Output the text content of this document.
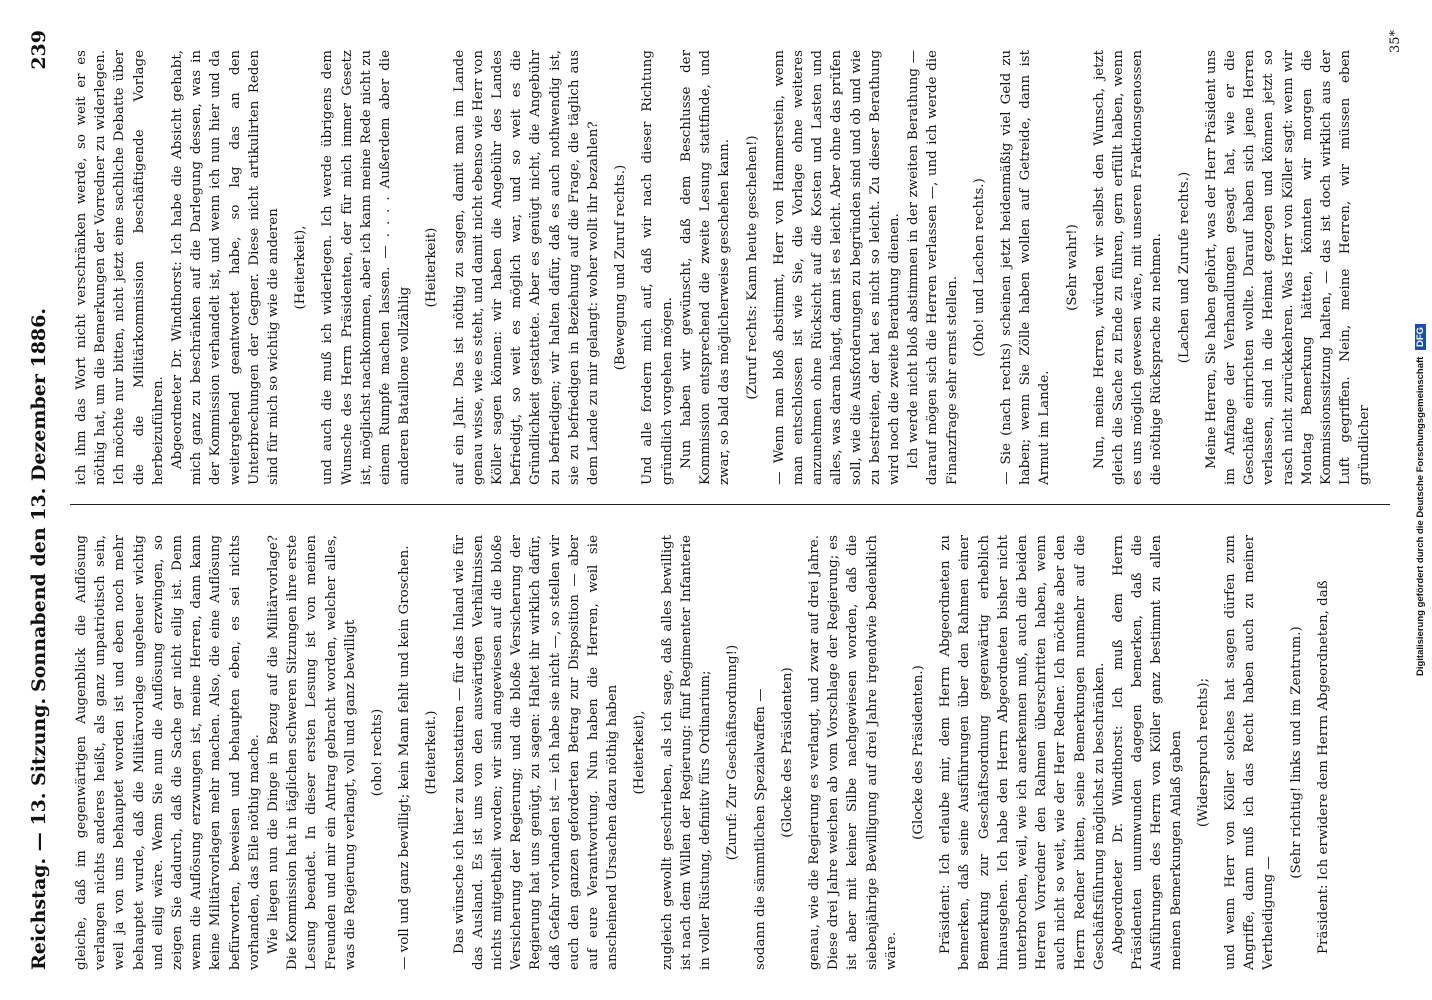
Reichstag. — 13. Sitzung.
Sonnabend den 13. Dezember 1886.
239

gleiche, daß im gegenwärtigen Augenblick die Auflösung verlangen nichts anderes heißt, als ganz unpatriotisch sein, weil ja von uns behauptet worden ist und eben noch mehr behauptet wurde, daß die Militärvorlage ungeheuer wichtig und eilig wäre. Wenn Sie nun die Auflösung erzwingen, so zeigen Sie dadurch, daß die Sache gar nicht eilig ist. Denn wenn die Auflösung erzwungen ist, meine Herren, dann kann keine Militärvorlagen mehr machen. Also, die eine Auflösung befürworten, beweisen und behaupten eben, es sei nichts vorhanden, das Eile nöthig mache. Wie liegen nun die Dinge in Bezug auf die Militärvorlage? Die Kommission hat in täglichen schweren Sitzungen ihre erste Lesung beendet. In dieser ersten Lesung ist von meinen Freunden und mir ein Antrag gebracht worden, welcher alles, was die Regierung verlangt, voll und ganz bewilligt (oho! rechts) — voll und ganz bewilligt; kein Mann fehlt und kein Groschen. (Heiterkeit.) Das wünsche ich hier zu konstatiren — für das Inland wie für das Ausland. Es ist uns von den auswärtigen Verhältnissen nichts mitgetheilt worden; wir sind angewiesen auf die bloße Versicherung der Regierung; und die bloße Versicherung der Regierung hat uns genügt, zu sagen: Haltet ihr wirklich dafür, daß Gefahr vorhanden ist — ich habe sie nicht —, so stellen wir euch den ganzen geforderten Betrag zur Disposition — aber auf eure Verantwortung. Nun haben die Herren, weil sie anscheinend Ursachen dazu nöthig haben (Heiterkeit), zugleich gewollt geschrieben, als ich sage, daß alles bewilligt ist nach dem Willen der Regierung: fünf Regimenter Infanterie in voller Rüstung, definitiv fürs Ordinarium; (Zuruf: Zur Geschäftsordnung!) sodann die sämmtlichen Spezialwaffen — (Glocke des Präsidenten) genau, wie die Regierung es verlangt, und zwar auf drei Jahre. Diese drei Jahre weichen ab vom Vorschlage der Regierung; es ist aber mit keiner Silbe nachgewiesen worden, daß die siebenjährige Bewilligung auf drei Jahre irgendwie bedenklich wäre.

(Glocke des Präsidenten.) Präsident: Ich erlaube mir, dem Herrn Abgeordneten zu bemerken, daß seine Ausführungen über den Rahmen einer Bemerkung zur Geschäftsordnung gegenwärtig erheblich hinausgehen. Ich habe den Herrn Abgeordneten bisher nicht unterbrochen, weil, wie ich anerkennen muß, auch die beiden Herren Vorredner den Rahmen überschritten haben, wenn auch nicht so weit, wie der Herr Redner. Ich möchte aber den Herrn Redner bitten, seine Bemerkungen nunmehr auf die Geschäftsführung möglichst zu beschränken. Abgeordneter Dr. Windthorst: Ich muß dem Herrn Präsidenten unumwunden dagegen bemerken, daß die Ausführungen des Herrn von Köller ganz bestimmt zu allen meinen Bemerkungen Anlaß gaben (Widerspruch rechts); und wenn Herr von Köller solches hat sagen dürfen zum Angriffe, dann muß ich das Recht haben auch zu meiner Vertheidigung —

(Sehr richtig! links und im Zentrum.) Präsident: Ich erwidere dem Herrn Abgeordneten, daß

ich ihm das Wort nicht verschränken werde, so weit er es nöthig hat, um die Bemerkungen der Vorredner zu widerlegen. Ich möchte nur bitten, nicht jetzt eine sachliche Debatte über die die Militärkommission beschäftigende Vorlage herbeizuführen. Abgeordneter Dr. Windthorst: Ich habe die Absicht gehabt, mich ganz zu beschränken auf die Darlegung dessen, was in der Kommission verhandelt ist, und wenn ich nun hier und da weitergehend geantwortet habe, so lag das an den Unterbrechungen der Gegner. Diese nicht artikulirten Reden sind für mich so wichtig wie die anderen (Heiterkeit), und auch die muß ich widerlegen. Ich werde übrigens dem Wunsche des Herrn Präsidenten, der für mich immer Gesetz ist, möglichst nachkommen, aber ich kann meine Rede nicht zu einem Rumpfe machen lassen. — . . . . Außerdem aber die anderen Bataillone vollzählig

(Heiterkeit) auf ein Jahr. Das ist nöthig zu sagen, damit man im Lande genau wisse, wie es steht, und damit nicht ebenso wie Herr von Köller sagen können: wir haben die Angebühr des Landes befriedigt, so weit es möglich war, und so weit es die Gründlichkeit gestattete. Aber es genügt nicht, die Angebühr zu befriedigen; wir halten dafür, daß es auch nothwendig ist, sie zu befriedigen in Beziehung auf die Frage, die täglich aus dem Lande zu mir gelangt: woher wollt ihr bezahlen? (Bewegung und Zuruf rechts.) Und alle fordern mich auf, daß wir nach dieser Richtung gründlich vorgehen mögen. Nun haben wir gewünscht, daß dem Beschlusse der Kommission entsprechend die zweite Lesung stattfinde, und zwar, so bald das möglicherweise geschehen kann. (Zuruf rechts: Kann heute geschehen!) — Wenn man bloß abstimmt, Herr von Hammerstein, wenn man entschlossen ist wie Sie, die Vorlage ohne weiteres anzunehmen ohne Rücksicht auf die Kosten und Lasten und alles, was daran hängt, dann ist es leicht. Aber ohne das prüfen soll, wie die Ausforderungen zu begründen sind und ob und wie zu bestreiten, der hat es nicht so leicht. Zu dieser Berathung wird noch die zweite Berathung dienen. Ich werde nicht bloß abstimmen in der zweiten Berathung — darauf mögen sich die Herren verlassen —, und ich werde die Finanzfrage sehr ernst stellen.

(Oho! und Lachen rechts.) — Sie (nach rechts) scheinen jetzt heidenmäßig viel Geld zu haben; wenn Sie Zölle haben wollen auf Getreide, dann ist Armut im Lande.

(Sehr wahr!) Nun, meine Herren, würden wir selbst den Wunsch, jetzt gleich die Sache zu Ende zu führen, gern erfüllt haben, wenn es uns möglich gewesen wäre, mit unseren Fraktionsgenossen die nöthige Rücksprache zu nehmen. (Lachen und Zurufe rechts.) Meine Herren, Sie haben gehört, was der Herr Präsident uns im Anfange der Verhandlungen gesagt hat, wie er die Geschäfte einrichten wollte. Darauf haben sich jene Herren verlassen, sind in die Heimat gezogen und können jetzt so rasch nicht zurückkehren. Was Herr von Köller sagt: wenn wir Montag Bemerkung hätten, könnten wir morgen die Kommissionssitzung halten, — das ist doch wirklich aus der Luft gegriffen. Nein, meine Herren, wir müssen eben gründlicher

35*
Digitalisierung gefördert durch die Deutsche Forschungsgemeinschaft DFG
